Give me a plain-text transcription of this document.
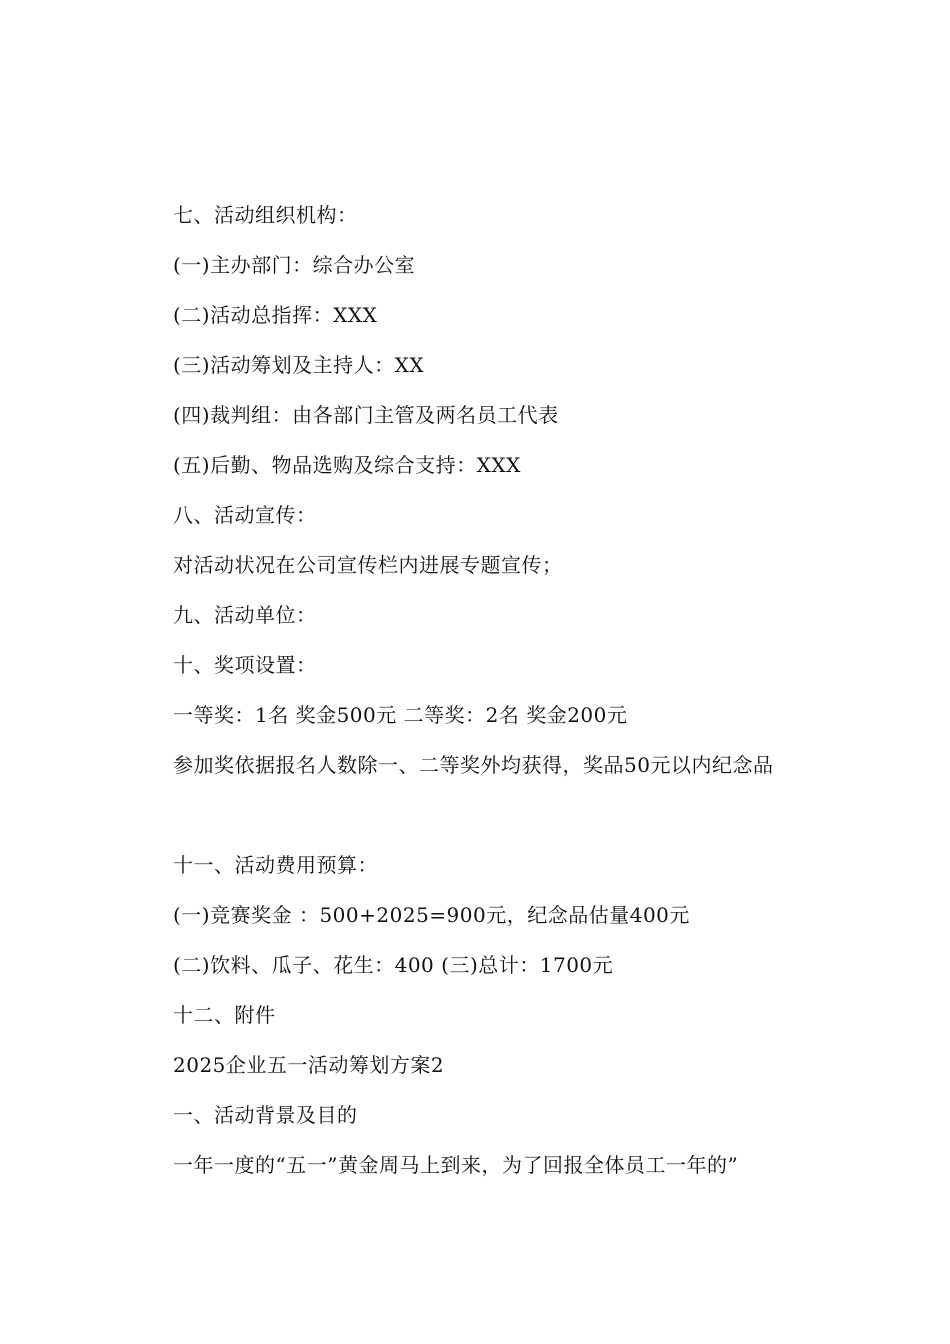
七、活动组织机构：
(一)主办部门：综合办公室
(二)活动总指挥：XXX
(三)活动筹划及主持人：XX
(四)裁判组：由各部门主管及两名员工代表
(五)后勤、物品选购及综合支持：XXX
八、活动宣传：
对活动状况在公司宣传栏内进展专题宣传；
九、活动单位：
十、奖项设置：
一等奖：1名 奖金500元 二等奖：2名 奖金200元
参加奖依据报名人数除一、二等奖外均获得，奖品50元以内纪念品
十一、活动费用预算：
(一)竞赛奖金 ：500+2025=900元，纪念品估量400元
(二)饮料、瓜子、花生：400 (三)总计：1700元
十二、附件
2025企业五一活动筹划方案2
一、活动背景及目的
一年一度的“五一”黄金周马上到来，为了回报全体员工一年的”
